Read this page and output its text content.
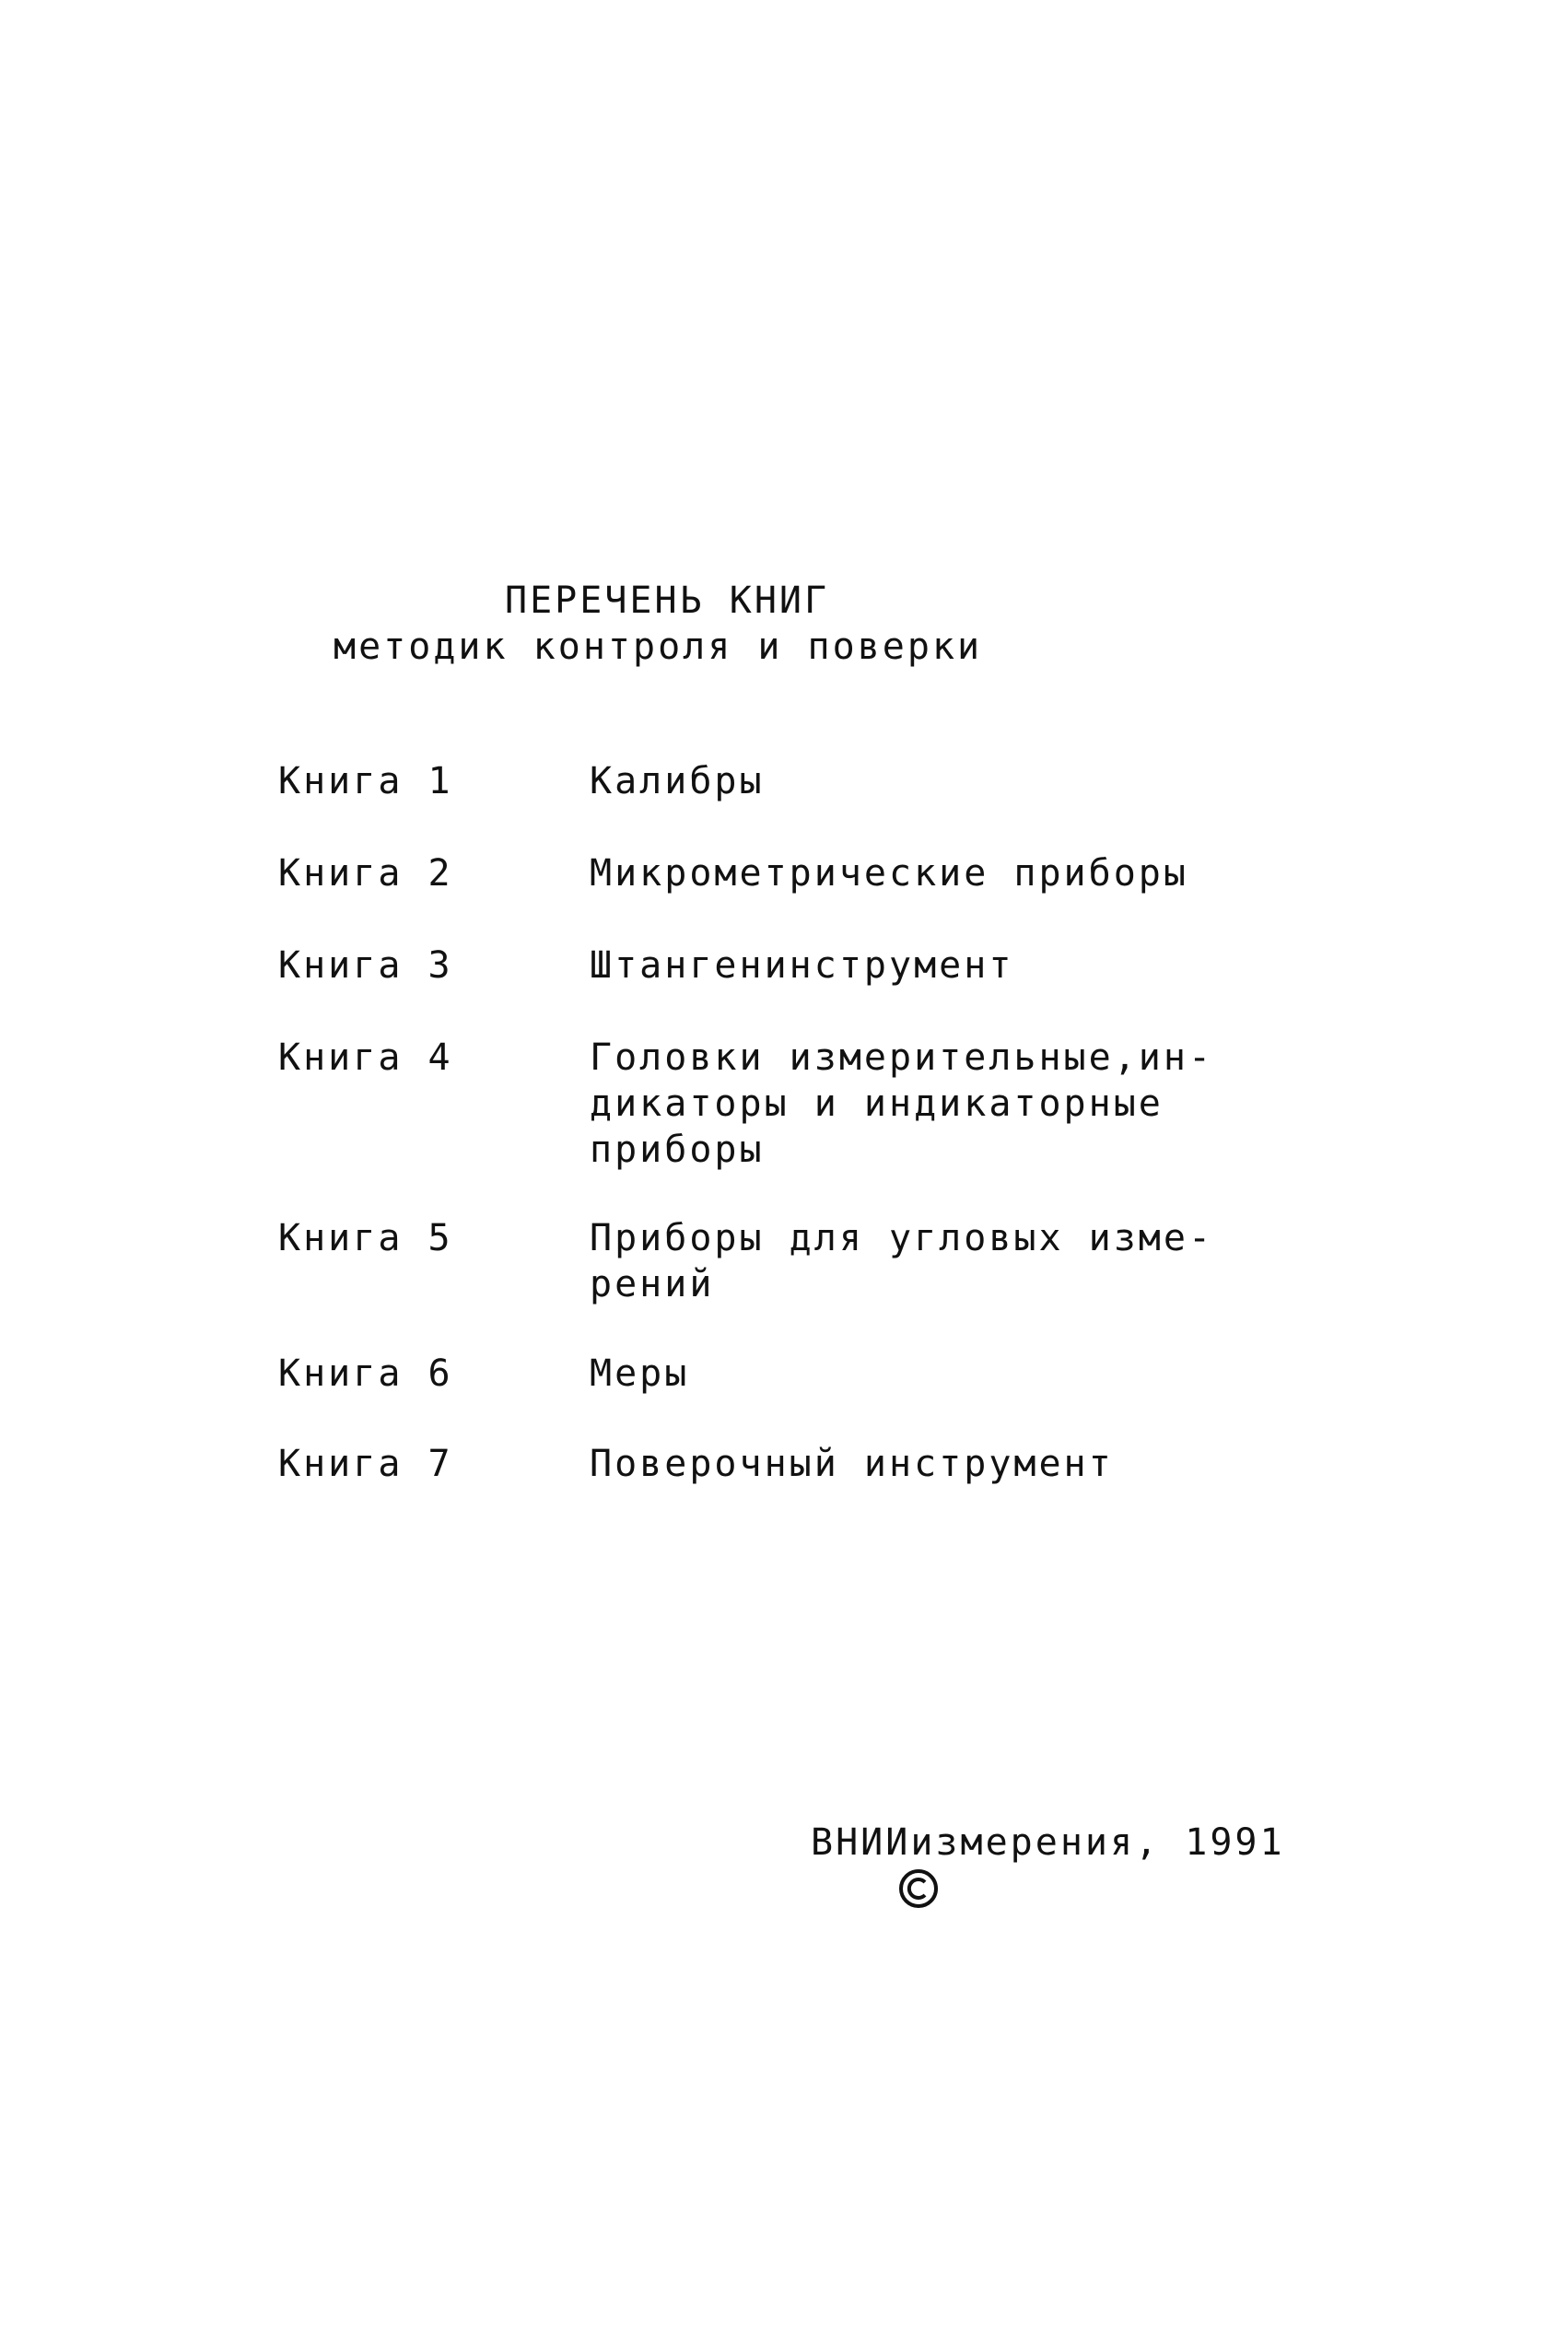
ПЕРЕЧЕНЬ КНИГ
методик контроля и поверки
Книга 1	Калибры
Книга 2	Микрометрические приборы
Книга 3	Штангенинструмент
Книга 4	Головки измерительные,ин-
дикаторы и индикаторные
приборы
Книга 5	Приборы для угловых изме-
рений
Книга 6	Меры
Книга 7	Поверочный инструмент

ВНИИизмерения, 1991
